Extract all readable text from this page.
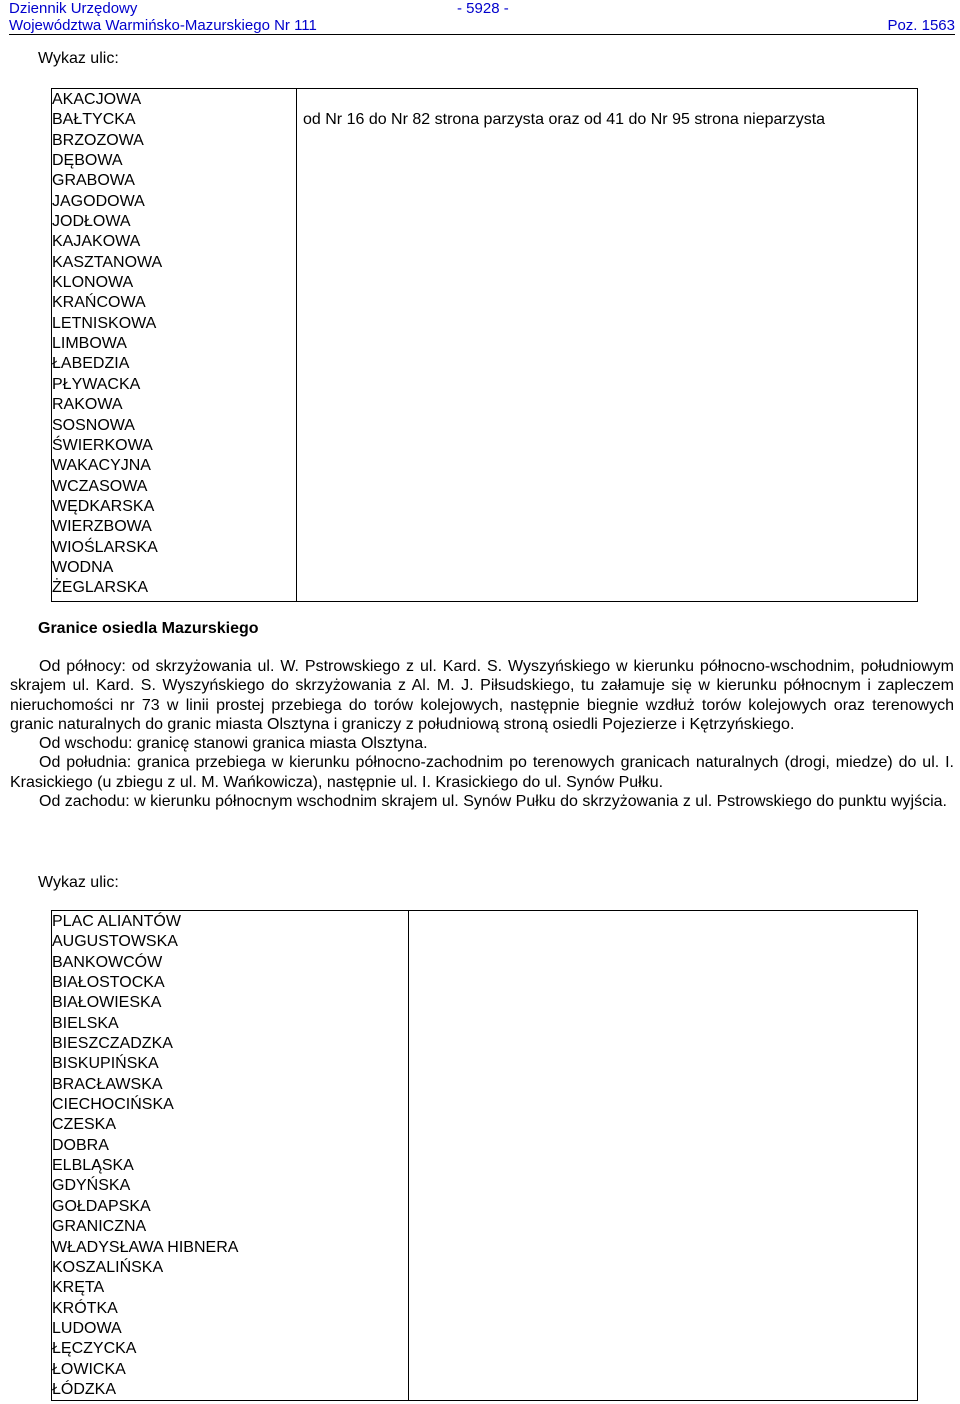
Dziennik Urzędowy
Województwa Warmińsko-Mazurskiego Nr 111
- 5928 -
Poz. 1563
Wykaz ulic:
AKACJOWA
BAŁTYCKA
BRZOZOWA
DĘBOWA
GRABOWA
JAGODOWA
JODŁOWA
KAJAKOWA
KASZTANOWA
KLONOWA
KRAŃCOWA
LETNISKOWA
LIMBOWA
ŁABEDZIA
PŁYWACKA
RAKOWA
SOSNOWA
ŚWIERKOWA
WAKACYJNA
WCZASOWA
WĘDKARSKA
WIERZBOWA
WIOŚLARSKA
WODNA
ŻEGLARSKA

od Nr 16 do Nr 82 strona parzysta oraz od 41 do Nr 95 strona nieparzysta
Granice osiedla Mazurskiego

Od północy: od skrzyżowania ul. W. Pstrowskiego z ul. Kard. S. Wyszyńskiego w kierunku północno-wschodnim, południowym skrajem ul. Kard. S. Wyszyńskiego do skrzyżowania z Al. M. J. Piłsudskiego, tu załamuje się w kierunku północnym i zapleczem nieruchomości nr 73 w linii prostej przebiega do torów kolejowych, następnie biegnie wzdłuż torów kolejowych oraz terenowych granic naturalnych do granic miasta Olsztyna i graniczy z południową stroną osiedli Pojezierze i Kętrzyńskiego.

Od wschodu: granicę stanowi granica miasta Olsztyna.

Od południa: granica przebiega w kierunku północno-zachodnim po terenowych granicach naturalnych (drogi, miedze) do ul. I. Krasickiego (u zbiegu z ul. M. Wańkowicza), następnie ul. I. Krasickiego do ul. Synów Pułku.

Od zachodu: w kierunku północnym wschodnim skrajem ul. Synów Pułku do skrzyżowania z ul. Pstrowskiego do punktu wyjścia.

Wykaz ulic:
PLAC ALIANTÓW
AUGUSTOWSKA
BANKOWCÓW
BIAŁOSTOCKA
BIAŁOWIESKA
BIELSKA
BIESZCZADZKA
BISKUPIŃSKA
BRACŁAWSKA
CIECHOCIŃSKA
CZESKA
DOBRA
ELBLĄSKA
GDYŃSKA
GOŁDAPSKA
GRANICZNA
WŁADYSŁAWA HIBNERA
KOSZALIŃSKA
KRĘTA
KRÓTKA
LUDOWA
ŁĘCZYCKA
ŁOWICKA
ŁÓDZKA
